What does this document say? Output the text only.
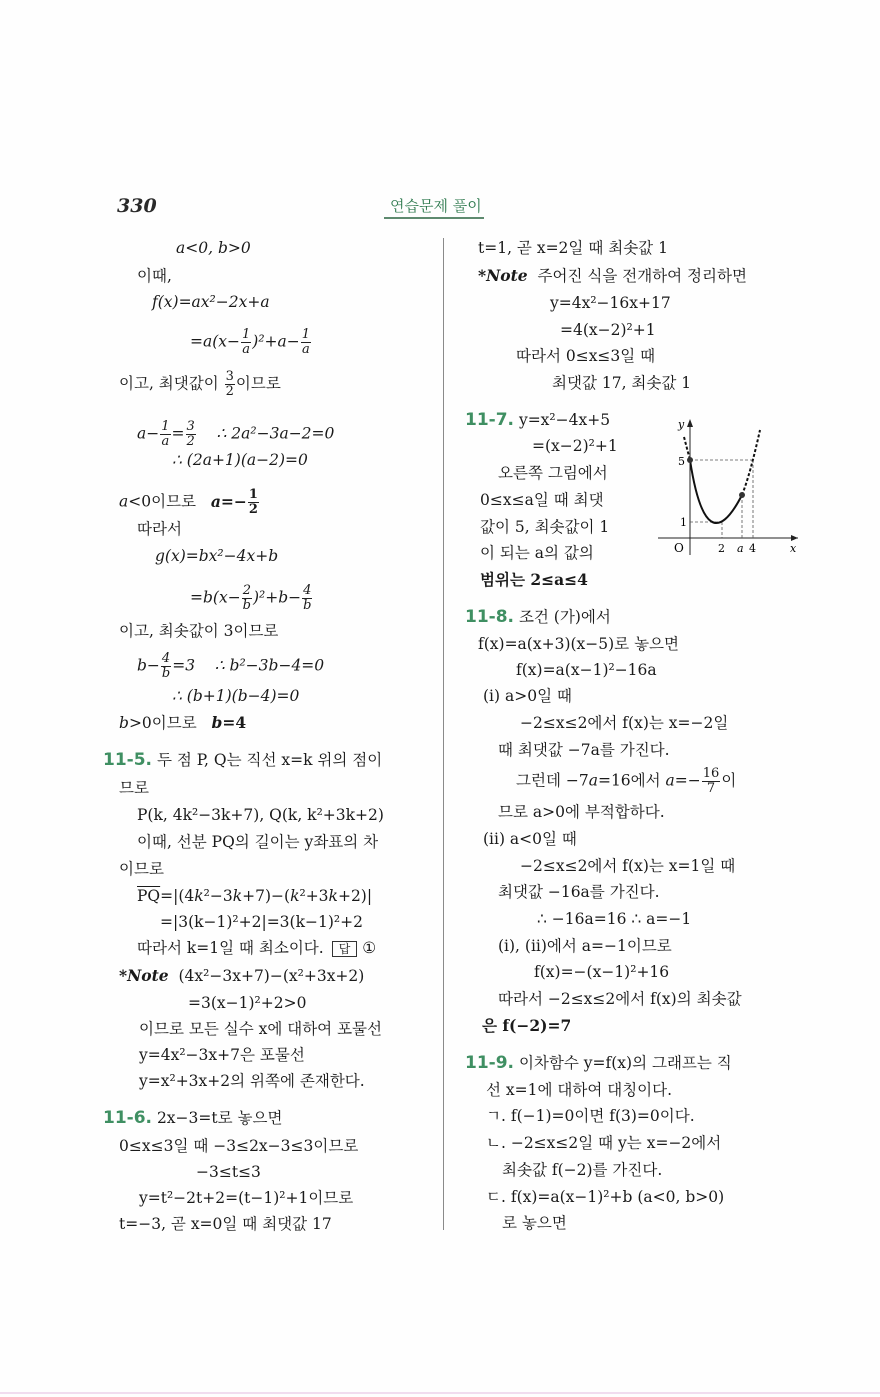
330	연습문제 풀이
a<0, b>0
이때,
f(x)=ax²−2x+a
$=a(x- \frac{1}{a} )^2+a- \frac{1}{a}$
이고, 최댓값이 $\frac{3}{2}$ 이므로
$a- \frac{1}{a} = \frac{3}{2}$ ∴ 2a²−3a−2=0
∴ (2a+1)(a−2)=0
a<0이므로   $a=- \frac{1}{2}$
따라서
g(x)=bx²−4x+b
$=b(x- \frac{2}{b} )^2+b- \frac{4}{b}$
이고, 최솟값이 3이므로
$b- \frac{4}{b} =3$    ∴ b²−3b−4=0
∴ (b+1)(b−4)=0
b>0이므로   b=4
11-5. 두 점 P, Q는 직선 x=k 위의 점이
므로
P(k, 4k²−3k+7), Q(k, k²+3k+2)
이때, 선분 PQ의 길이는 y좌표의 차
이므로
$\overline{PQ}=|(4k^2-3k+7)-(k^2+3k+2)|$
=|3(k−1)²+2|=3(k−1)²+2
따라서 k=1일 때 최소이다. 답 ①
*Note (4x²−3x+7)−(x²+3x+2)
=3(x−1)²+2>0
이므로 모든 실수 x에 대하여 포물선
y=4x²−3x+7은 포물선
y=x²+3x+2의 위쪽에 존재한다.
11-6. 2x−3=t로 놓으면
0≤x≤3일 때 −3≤2x−3≤3이므로
−3≤t≤3
y=t²−2t+2=(t−1)²+1이므로
t=−3, 곧 x=0일 때 최댓값 17
t=1, 곧 x=2일 때 최솟값 1
*Note 주어진 식을 전개하여 정리하면
y=4x²−16x+17
=4(x−2)²+1
따라서 0≤x≤3일 때
최댓값 17, 최솟값 1
11-7. y=x²−4x+5
=(x−2)²+1
오른쪽 그림에서
0≤x≤a일 때 최댓
값이 5, 최솟값이 1
이 되는 a의 값의
범위는 2≤a≤4
y
x
O
5
1
2 a 4
11-8. 조건 (가)에서
f(x)=a(x+3)(x−5)로 놓으면
f(x)=a(x−1)²−16a
(i) a>0일 때
−2≤x≤2에서 f(x)는 x=−2일
때 최댓값 −7a를 가진다.
그런데 −7a=16에서 $a=- \frac{16}{7}$ 이
므로 a>0에 부적합하다.
(ii) a<0일 때
−2≤x≤2에서 f(x)는 x=1일 때
최댓값 −16a를 가진다.
∴ −16a=16 ∴ a=−1
(i), (ii)에서 a=−1이므로
f(x)=−(x−1)²+16
따라서 −2≤x≤2에서 f(x)의 최솟값
은 f(−2)=7
11-9. 이차함수 y=f(x)의 그래프는 직
선 x=1에 대하여 대칭이다.
ㄱ. f(−1)=0이면 f(3)=0이다.
ㄴ. −2≤x≤2일 때 y는 x=−2에서
최솟값 f(−2)를 가진다.
ㄷ. f(x)=a(x−1)²+b (a<0, b>0)
로 놓으면
